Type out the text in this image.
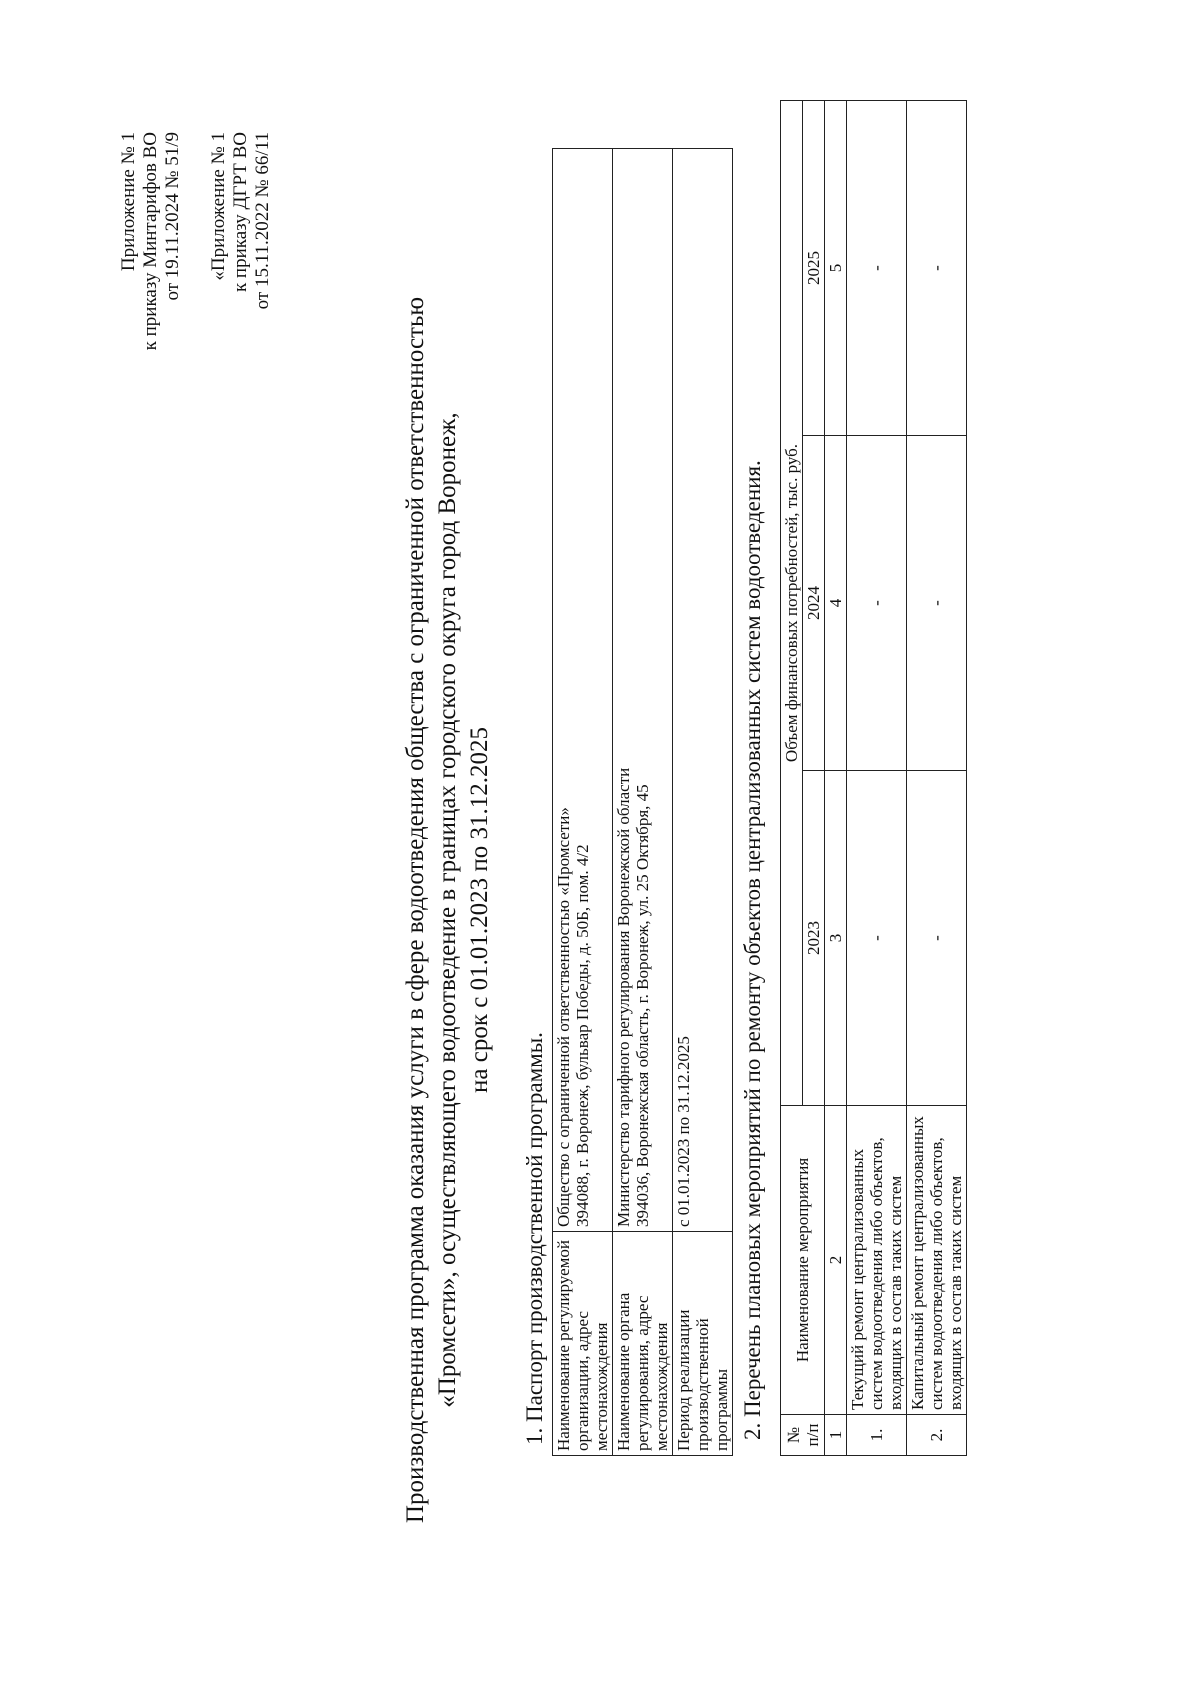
Приложение № 1 к приказу Минтарифов ВО от 19.11.2024 № 51/9 «Приложение № 1 к приказу ДГРТ ВО от 15.11.2022 № 66/11
Производственная программа оказания услуги в сфере водоотведения общества с ограниченной ответственностью «Промсети», осуществляющего водоотведение в границах городского округа город Воронеж, на срок с 01.01.2023 по 31.12.2025
1. Паспорт производственной программы. Наименование регулируемой организации, адрес местонахождения	Общество с ограниченной ответственностью «Промсети» 394088, г. Воронеж, бульвар Победы, д. 50Б, пом. 4/2

Наименование органа регулирования, адрес местонахождения	Министерство тарифного регулирования Воронежской области 394036, Воронежская область, г. Воронеж, ул. 25 Октября, 45

Период реализации производственной программы	с 01.01.2023 по 31.12.2025 2. Перечень плановых мероприятий по ремонту объектов централизованных систем водоотведения. № п/п	Наименование мероприятия	Объем финансовых потребностей, тыс. руб.		
		2023	2024	2025
1	2	3	4	5
1.	Текущий ремонт централизованных систем водоотведения либо объектов, входящих в состав таких систем	-	-	-
2.	Капитальный ремонт централизованных систем водоотведения либо объектов, входящих в состав таких систем	-	-	-
